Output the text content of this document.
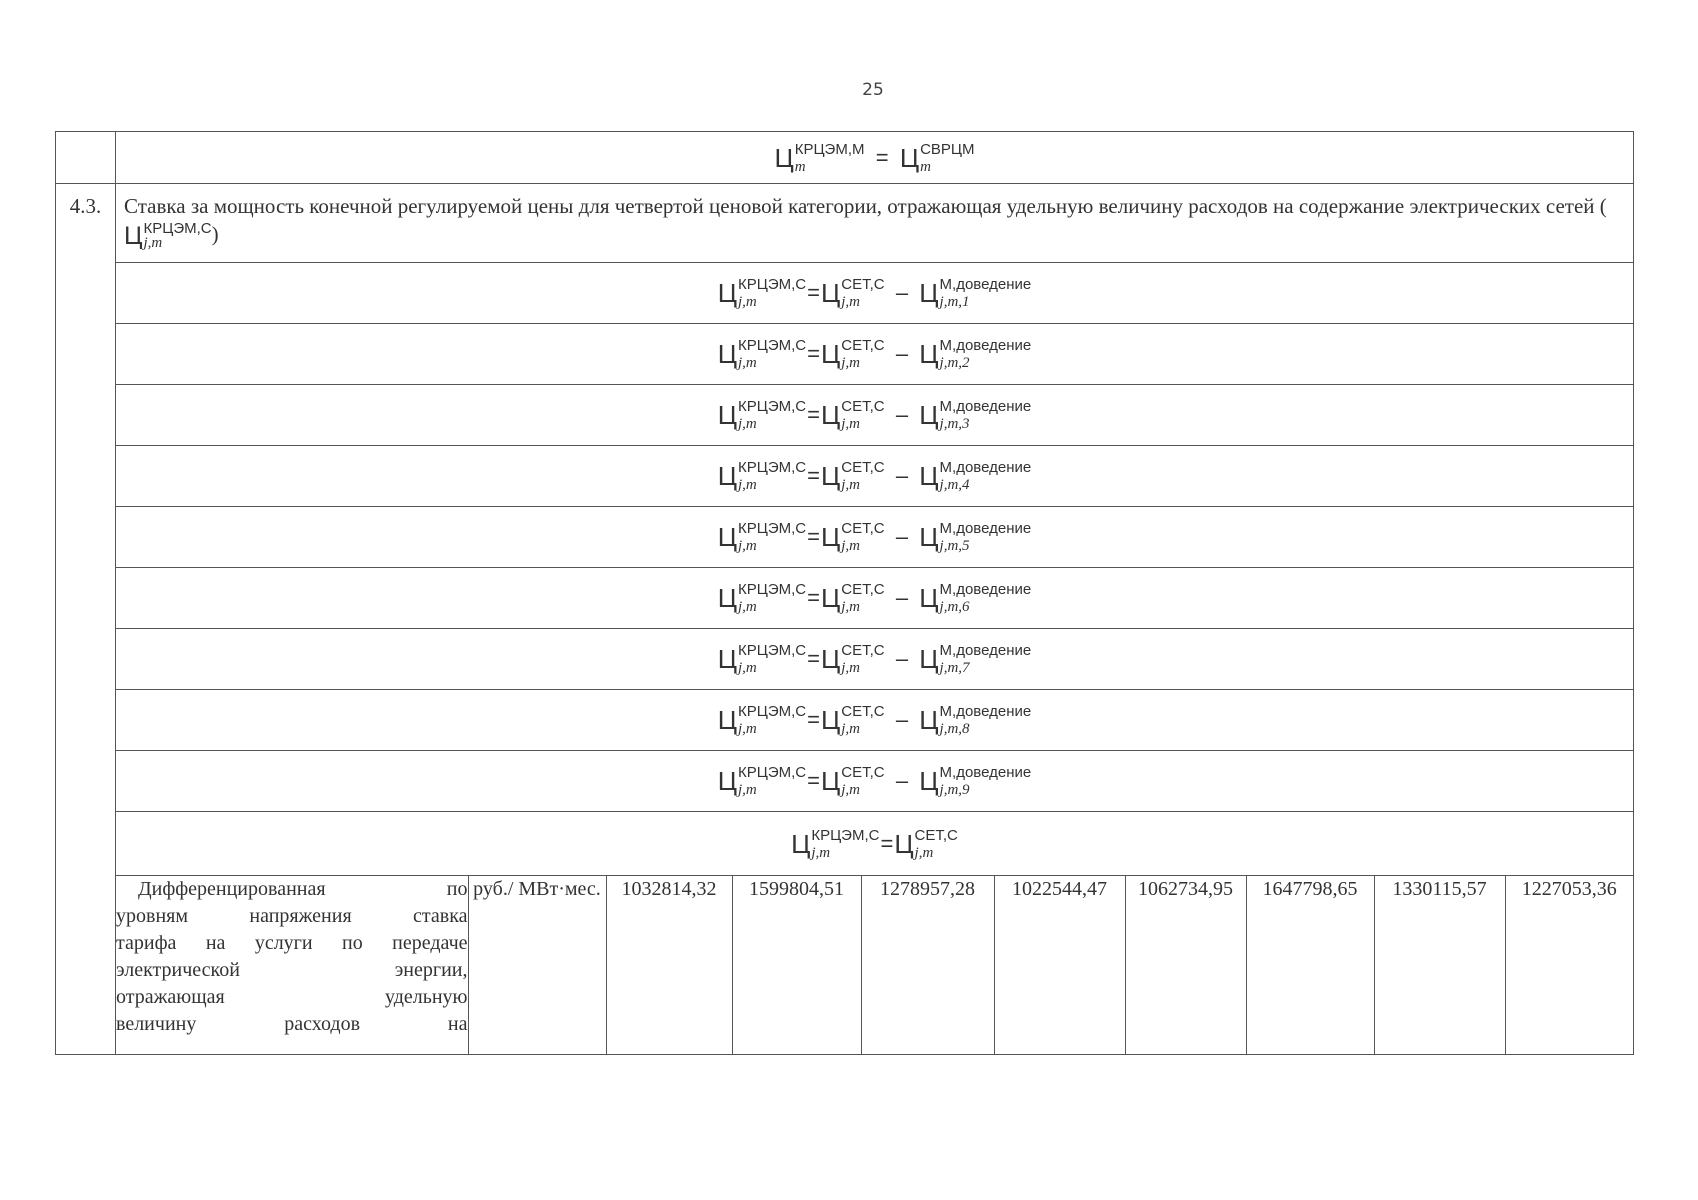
25
	Ц КРЦЭМ,М
m	= Ц СВРЦМ
m

4.3.	Ставка за мощность конечной регулируемой цены для четвертой ценовой категории, отражающая удельную величину расходов на содержание электрических сетей (Ц КРЦЭМ,С
j,m	)
Ц КРЦЭМ,С
j,m	=Ц СЕТ,С
j,m	– Ц М,доведение
j,m,1

Ц КРЦЭМ,С
j,m	=Ц СЕТ,С
j,m	– Ц М,доведение
j,m,2

Ц КРЦЭМ,С
j,m	=Ц СЕТ,С
j,m	– Ц М,доведение
j,m,3

Ц КРЦЭМ,С
j,m	=Ц СЕТ,С
j,m	– Ц М,доведение
j,m,4

Ц КРЦЭМ,С
j,m	=Ц СЕТ,С
j,m	– Ц М,доведение
j,m,5

Ц КРЦЭМ,С
j,m	=Ц СЕТ,С
j,m	– Ц М,доведение
j,m,6

Ц КРЦЭМ,С
j,m	=Ц СЕТ,С
j,m	– Ц М,доведение
j,m,7

Ц КРЦЭМ,С
j,m	=Ц СЕТ,С
j,m	– Ц М,доведение
j,m,8

Ц КРЦЭМ,С
j,m	=Ц СЕТ,С
j,m	– Ц М,доведение
j,m,9

Ц КРЦЭМ,С
j,m	=Ц СЕТ,С
j,m

Дифференцированная по
уровням напряжения ставка
тарифа на услуги по передаче
электрической энергии,
отражающая удельную
величину расходов на
	руб./ МВт·мес.	1032814,32	1599804,51	1278957,28	1022544,47	1062734,95	1647798,65	1330115,57	1227053,36
